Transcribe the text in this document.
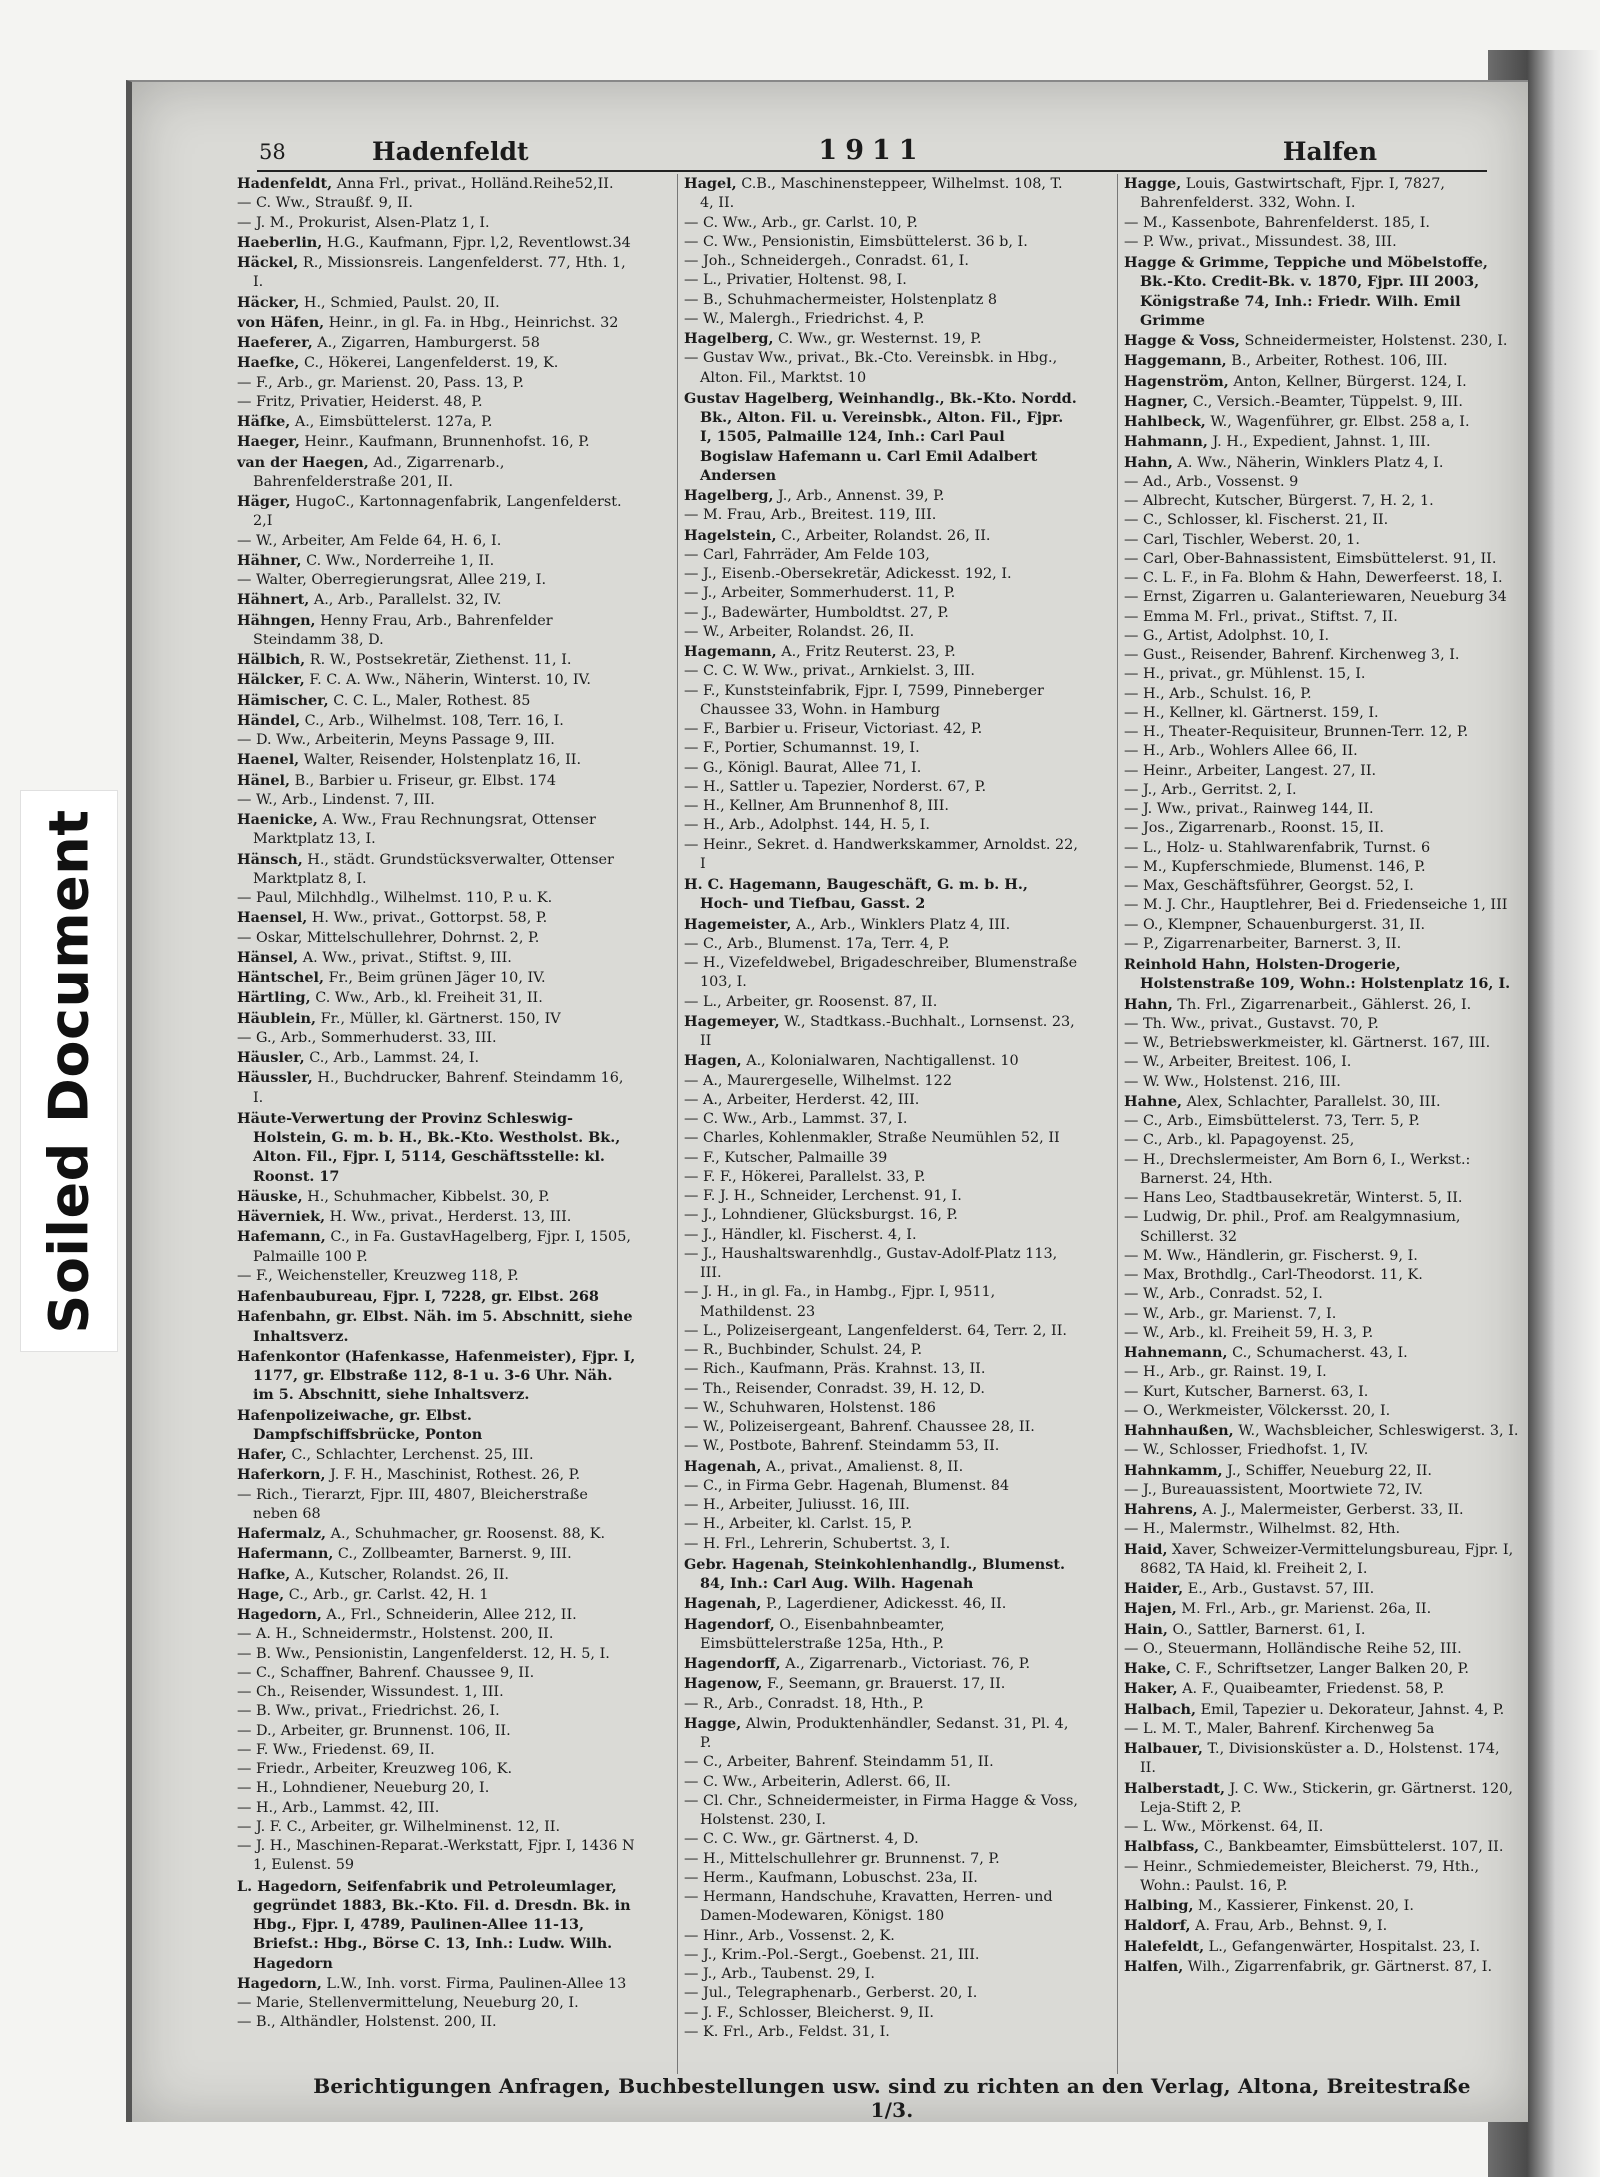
58	Hadenfeldt	1911	Halfen

Hadenfeldt, Anna Frl., privat., Holländ.Reihe52,II.

— C. Ww., Straußf. 9, II.

— J. M., Prokurist, Alsen-Platz 1, I.

Haeberlin, H.G., Kaufmann, Fjpr. l,2, Reventlowst.34

Häckel, R., Missionsreis. Langenfelderst. 77, Hth. 1, I.

Häcker, H., Schmied, Paulst. 20, II.

von Häfen, Heinr., in gl. Fa. in Hbg., Heinrichst. 32

Haeferer, A., Zigarren, Hamburgerst. 58

Haefke, C., Hökerei, Langenfelderst. 19, K.

— F., Arb., gr. Marienst. 20, Pass. 13, P.

— Fritz, Privatier, Heiderst. 48, P.

Häfke, A., Eimsbüttelerst. 127a, P.

Haeger, Heinr., Kaufmann, Brunnenhofst. 16, P.

van der Haegen, Ad., Zigarrenarb., Bahrenfelderstraße 201, II.

Häger, HugoC., Kartonnagenfabrik, Langenfelderst. 2,I

— W., Arbeiter, Am Felde 64, H. 6, I.

Hähner, C. Ww., Norderreihe 1, II.

— Walter, Oberregierungsrat, Allee 219, I.

Hähnert, A., Arb., Parallelst. 32, IV.

Hähngen, Henny Frau, Arb., Bahrenfelder Steindamm 38, D.

Hälbich, R. W., Postsekretär, Ziethenst. 11, I.

Hälcker, F. C. A. Ww., Näherin, Winterst. 10, IV.

Hämischer, C. C. L., Maler, Rothest. 85

Händel, C., Arb., Wilhelmst. 108, Terr. 16, I.

— D. Ww., Arbeiterin, Meyns Passage 9, III.

Haenel, Walter, Reisender, Holstenplatz 16, II.

Hänel, B., Barbier u. Friseur, gr. Elbst. 174

— W., Arb., Lindenst. 7, III.

Haenicke, A. Ww., Frau Rechnungsrat, Ottenser Marktplatz 13, I.

Hänsch, H., städt. Grundstücksverwalter, Ottenser Marktplatz 8, I.

— Paul, Milchhdlg., Wilhelmst. 110, P. u. K.

Haensel, H. Ww., privat., Gottorpst. 58, P.

— Oskar, Mittelschullehrer, Dohrnst. 2, P.

Hänsel, A. Ww., privat., Stiftst. 9, III.

Häntschel, Fr., Beim grünen Jäger 10, IV.

Härtling, C. Ww., Arb., kl. Freiheit 31, II.

Häublein, Fr., Müller, kl. Gärtnerst. 150, IV

— G., Arb., Sommerhuderst. 33, III.

Häusler, C., Arb., Lammst. 24, I.

Häussler, H., Buchdrucker, Bahrenf. Steindamm 16, I.

Häute-Verwertung der Provinz Schleswig-Holstein, G. m. b. H., Bk.-Kto. Westholst. Bk., Alton. Fil., Fjpr. I, 5114, Geschäftsstelle: kl. Roonst. 17

Häuske, H., Schuhmacher, Kibbelst. 30, P.

Häverniek, H. Ww., privat., Herderst. 13, III.

Hafemann, C., in Fa. GustavHagelberg, Fjpr. I, 1505, Palmaille 100 P.

— F., Weichensteller, Kreuzweg 118, P.

Hafenbaubureau, Fjpr. I, 7228, gr. Elbst. 268

Hafenbahn, gr. Elbst. Näh. im 5. Abschnitt, siehe Inhaltsverz.

Hafenkontor (Hafenkasse, Hafenmeister), Fjpr. I, 1177, gr. Elbstraße 112, 8-1 u. 3-6 Uhr. Näh. im 5. Abschnitt, siehe Inhaltsverz.

Hafenpolizeiwache, gr. Elbst. Dampfschiffsbrücke, Ponton

Hafer, C., Schlachter, Lerchenst. 25, III.

Haferkorn, J. F. H., Maschinist, Rothest. 26, P.

— Rich., Tierarzt, Fjpr. III, 4807, Bleicherstraße neben 68

Hafermalz, A., Schuhmacher, gr. Roosenst. 88, K.

Hafermann, C., Zollbeamter, Barnerst. 9, III.

Hafke, A., Kutscher, Rolandst. 26, II.

Hage, C., Arb., gr. Carlst. 42, H. 1

Hagedorn, A., Frl., Schneiderin, Allee 212, II.

— A. H., Schneidermstr., Holstenst. 200, II.

— B. Ww., Pensionistin, Langenfelderst. 12, H. 5, I.

— C., Schaffner, Bahrenf. Chaussee 9, II.

— Ch., Reisender, Wissundest. 1, III.

— B. Ww., privat., Friedrichst. 26, I.

— D., Arbeiter, gr. Brunnenst. 106, II.

— F. Ww., Friedenst. 69, II.

— Friedr., Arbeiter, Kreuzweg 106, K.

— H., Lohndiener, Neueburg 20, I.

— H., Arb., Lammst. 42, III.

— J. F. C., Arbeiter, gr. Wilhelminenst. 12, II.

— J. H., Maschinen-Reparat.-Werkstatt, Fjpr. I, 1436 N 1, Eulenst. 59

L. Hagedorn, Seifenfabrik und Petroleumlager, gegründet 1883, Bk.-Kto. Fil. d. Dresdn. Bk. in Hbg., Fjpr. I, 4789, Paulinen-Allee 11-13, Briefst.: Hbg., Börse C. 13, Inh.: Ludw. Wilh. Hagedorn

Hagedorn, L.W., Inh. vorst. Firma, Paulinen-Allee 13

— Marie, Stellenvermittelung, Neueburg 20, I.

— B., Althändler, Holstenst. 200, II.

Hagel, C.B., Maschinensteppeer, Wilhelmst. 108, T. 4, II.

— C. Ww., Arb., gr. Carlst. 10, P.

— C. Ww., Pensionistin, Eimsbüttelerst. 36 b, I.

— Joh., Schneidergeh., Conradst. 61, I.

— L., Privatier, Holtenst. 98, I.

— B., Schuhmachermeister, Holstenplatz 8

— W., Malergh., Friedrichst. 4, P.

Hagelberg, C. Ww., gr. Westernst. 19, P.

— Gustav Ww., privat., Bk.-Cto. Vereinsbk. in Hbg., Alton. Fil., Marktst. 10

Gustav Hagelberg, Weinhandlg., Bk.-Kto. Nordd. Bk., Alton. Fil. u. Vereinsbk., Alton. Fil., Fjpr. I, 1505, Palmaille 124, Inh.: Carl Paul Bogislaw Hafemann u. Carl Emil Adalbert Andersen

Hagelberg, J., Arb., Annenst. 39, P.

— M. Frau, Arb., Breitest. 119, III.

Hagelstein, C., Arbeiter, Rolandst. 26, II.

— Carl, Fahrräder, Am Felde 103,

— J., Eisenb.-Obersekretär, Adickesst. 192, I.

— J., Arbeiter, Sommerhuderst. 11, P.

— J., Badewärter, Humboldtst. 27, P.

— W., Arbeiter, Rolandst. 26, II.

Hagemann, A., Fritz Reuterst. 23, P.

— C. C. W. Ww., privat., Arnkielst. 3, III.

— F., Kunststeinfabrik, Fjpr. I, 7599, Pinneberger Chaussee 33, Wohn. in Hamburg

— F., Barbier u. Friseur, Victoriast. 42, P.

— F., Portier, Schumannst. 19, I.

— G., Königl. Baurat, Allee 71, I.

— H., Sattler u. Tapezier, Norderst. 67, P.

— H., Kellner, Am Brunnenhof 8, III.

— H., Arb., Adolphst. 144, H. 5, I.

— Heinr., Sekret. d. Handwerkskammer, Arnoldst. 22, I

H. C. Hagemann, Baugeschäft, G. m. b. H., Hoch- und Tiefbau, Gasst. 2

Hagemeister, A., Arb., Winklers Platz 4, III.

— C., Arb., Blumenst. 17a, Terr. 4, P.

— H., Vizefeldwebel, Brigadeschreiber, Blumenstraße 103, I.

— L., Arbeiter, gr. Roosenst. 87, II.

Hagemeyer, W., Stadtkass.-Buchhalt., Lornsenst. 23, II

Hagen, A., Kolonialwaren, Nachtigallenst. 10

— A., Maurergeselle, Wilhelmst. 122

— A., Arbeiter, Herderst. 42, III.

— C. Ww., Arb., Lammst. 37, I.

— Charles, Kohlenmakler, Straße Neumühlen 52, II

— F., Kutscher, Palmaille 39

— F. F., Hökerei, Parallelst. 33, P.

— F. J. H., Schneider, Lerchenst. 91, I.

— J., Lohndiener, Glücksburgst. 16, P.

— J., Händler, kl. Fischerst. 4, I.

— J., Haushaltswarenhdlg., Gustav-Adolf-Platz 113, III.

— J. H., in gl. Fa., in Hambg., Fjpr. I, 9511, Mathildenst. 23

— L., Polizeisergeant, Langenfelderst. 64, Terr. 2, II.

— R., Buchbinder, Schulst. 24, P.

— Rich., Kaufmann, Präs. Krahnst. 13, II.

— Th., Reisender, Conradst. 39, H. 12, D.

— W., Schuhwaren, Holstenst. 186

— W., Polizeisergeant, Bahrenf. Chaussee 28, II.

— W., Postbote, Bahrenf. Steindamm 53, II.

Hagenah, A., privat., Amalienst. 8, II.

— C., in Firma Gebr. Hagenah, Blumenst. 84

— H., Arbeiter, Juliusst. 16, III.

— H., Arbeiter, kl. Carlst. 15, P.

— H. Frl., Lehrerin, Schubertst. 3, I.

Gebr. Hagenah, Steinkohlenhandlg., Blumenst. 84, Inh.: Carl Aug. Wilh. Hagenah

Hagenah, P., Lagerdiener, Adickesst. 46, II.

Hagendorf, O., Eisenbahnbeamter, Eimsbüttelerstraße 125a, Hth., P.

Hagendorff, A., Zigarrenarb., Victoriast. 76, P.

Hagenow, F., Seemann, gr. Brauerst. 17, II.

— R., Arb., Conradst. 18, Hth., P.

Hagge, Alwin, Produktenhändler, Sedanst. 31, Pl. 4, P.

— C., Arbeiter, Bahrenf. Steindamm 51, II.

— C. Ww., Arbeiterin, Adlerst. 66, II.

— Cl. Chr., Schneidermeister, in Firma Hagge & Voss, Holstenst. 230, I.

— C. C. Ww., gr. Gärtnerst. 4, D.

— H., Mittelschullehrer gr. Brunnenst. 7, P.

— Herm., Kaufmann, Lobuschst. 23a, II.

— Hermann, Handschuhe, Kravatten, Herren- und Damen-Modewaren, Königst. 180

— Hinr., Arb., Vossenst. 2, K.

— J., Krim.-Pol.-Sergt., Goebenst. 21, III.

— J., Arb., Taubenst. 29, I.

— Jul., Telegraphenarb., Gerberst. 20, I.

— J. F., Schlosser, Bleicherst. 9, II.

— K. Frl., Arb., Feldst. 31, I.

Hagge, Louis, Gastwirtschaft, Fjpr. I, 7827, Bahrenfelderst. 332, Wohn. I.

— M., Kassenbote, Bahrenfelderst. 185, I.

— P. Ww., privat., Missundest. 38, III.

Hagge & Grimme, Teppiche und Möbelstoffe, Bk.-Kto. Credit-Bk. v. 1870, Fjpr. III 2003, Königstraße 74, Inh.: Friedr. Wilh. Emil Grimme

Hagge & Voss, Schneidermeister, Holstenst. 230, I.

Haggemann, B., Arbeiter, Rothest. 106, III.

Hagenström, Anton, Kellner, Bürgerst. 124, I.

Hagner, C., Versich.-Beamter, Tüppelst. 9, III.

Hahlbeck, W., Wagenführer, gr. Elbst. 258 a, I.

Hahmann, J. H., Expedient, Jahnst. 1, III.

Hahn, A. Ww., Näherin, Winklers Platz 4, I.

— Ad., Arb., Vossenst. 9

— Albrecht, Kutscher, Bürgerst. 7, H. 2, 1.

— C., Schlosser, kl. Fischerst. 21, II.

— Carl, Tischler, Weberst. 20, 1.

— Carl, Ober-Bahnassistent, Eimsbüttelerst. 91, II.

— C. L. F., in Fa. Blohm & Hahn, Dewerfeerst. 18, I.

— Ernst, Zigarren u. Galanteriewaren, Neueburg 34

— Emma M. Frl., privat., Stiftst. 7, II.

— G., Artist, Adolphst. 10, I.

— Gust., Reisender, Bahrenf. Kirchenweg 3, I.

— H., privat., gr. Mühlenst. 15, I.

— H., Arb., Schulst. 16, P.

— H., Kellner, kl. Gärtnerst. 159, I.

— H., Theater-Requisiteur, Brunnen-Terr. 12, P.

— H., Arb., Wohlers Allee 66, II.

— Heinr., Arbeiter, Langest. 27, II.

— J., Arb., Gerritst. 2, I.

— J. Ww., privat., Rainweg 144, II.

— Jos., Zigarrenarb., Roonst. 15, II.

— L., Holz- u. Stahlwarenfabrik, Turnst. 6

— M., Kupferschmiede, Blumenst. 146, P.

— Max, Geschäftsführer, Georgst. 52, I.

— M. J. Chr., Hauptlehrer, Bei d. Friedenseiche 1, III

— O., Klempner, Schauenburgerst. 31, II.

— P., Zigarrenarbeiter, Barnerst. 3, II.

Reinhold Hahn, Holsten-Drogerie, Holstenstraße 109, Wohn.: Holstenplatz 16, I.

Hahn, Th. Frl., Zigarrenarbeit., Gählerst. 26, I.

— Th. Ww., privat., Gustavst. 70, P.

— W., Betriebswerkmeister, kl. Gärtnerst. 167, III.

— W., Arbeiter, Breitest. 106, I.

— W. Ww., Holstenst. 216, III.

Hahne, Alex, Schlachter, Parallelst. 30, III.

— C., Arb., Eimsbüttelerst. 73, Terr. 5, P.

— C., Arb., kl. Papagoyenst. 25,

— H., Drechslermeister, Am Born 6, I., Werkst.: Barnerst. 24, Hth.

— Hans Leo, Stadtbausekretär, Winterst. 5, II.

— Ludwig, Dr. phil., Prof. am Realgymnasium, Schillerst. 32

— M. Ww., Händlerin, gr. Fischerst. 9, I.

— Max, Brothdlg., Carl-Theodorst. 11, K.

— W., Arb., Conradst. 52, I.

— W., Arb., gr. Marienst. 7, I.

— W., Arb., kl. Freiheit 59, H. 3, P.

Hahnemann, C., Schumacherst. 43, I.

— H., Arb., gr. Rainst. 19, I.

— Kurt, Kutscher, Barnerst. 63, I.

— O., Werkmeister, Völckersst. 20, I.

Hahnhaußen, W., Wachsbleicher, Schleswigerst. 3, I.

— W., Schlosser, Friedhofst. 1, IV.

Hahnkamm, J., Schiffer, Neueburg 22, II.

— J., Bureauassistent, Moortwiete 72, IV.

Hahrens, A. J., Malermeister, Gerberst. 33, II.

— H., Malermstr., Wilhelmst. 82, Hth.

Haid, Xaver, Schweizer-Vermittelungsbureau, Fjpr. I, 8682, TA Haid, kl. Freiheit 2, I.

Haider, E., Arb., Gustavst. 57, III.

Hajen, M. Frl., Arb., gr. Marienst. 26a, II.

Hain, O., Sattler, Barnerst. 61, I.

— O., Steuermann, Holländische Reihe 52, III.

Hake, C. F., Schriftsetzer, Langer Balken 20, P.

Haker, A. F., Quaibeamter, Friedenst. 58, P.

Halbach, Emil, Tapezier u. Dekorateur, Jahnst. 4, P.

— L. M. T., Maler, Bahrenf. Kirchenweg 5a

Halbauer, T., Divisionsküster a. D., Holstenst. 174, II.

Halberstadt, J. C. Ww., Stickerin, gr. Gärtnerst. 120, Leja-Stift 2, P.

— L. Ww., Mörkenst. 64, II.

Halbfass, C., Bankbeamter, Eimsbüttelerst. 107, II.

— Heinr., Schmiedemeister, Bleicherst. 79, Hth., Wohn.: Paulst. 16, P.

Halbing, M., Kassierer, Finkenst. 20, I.

Haldorf, A. Frau, Arb., Behnst. 9, I.

Halefeldt, L., Gefangenwärter, Hospitalst. 23, I.

Halfen, Wilh., Zigarrenfabrik, gr. Gärtnerst. 87, I.

Berichtigungen Anfragen, Buchbestellungen usw. sind zu richten an den Verlag, Altona, Breitestraße 1/3.
Soiled Document
